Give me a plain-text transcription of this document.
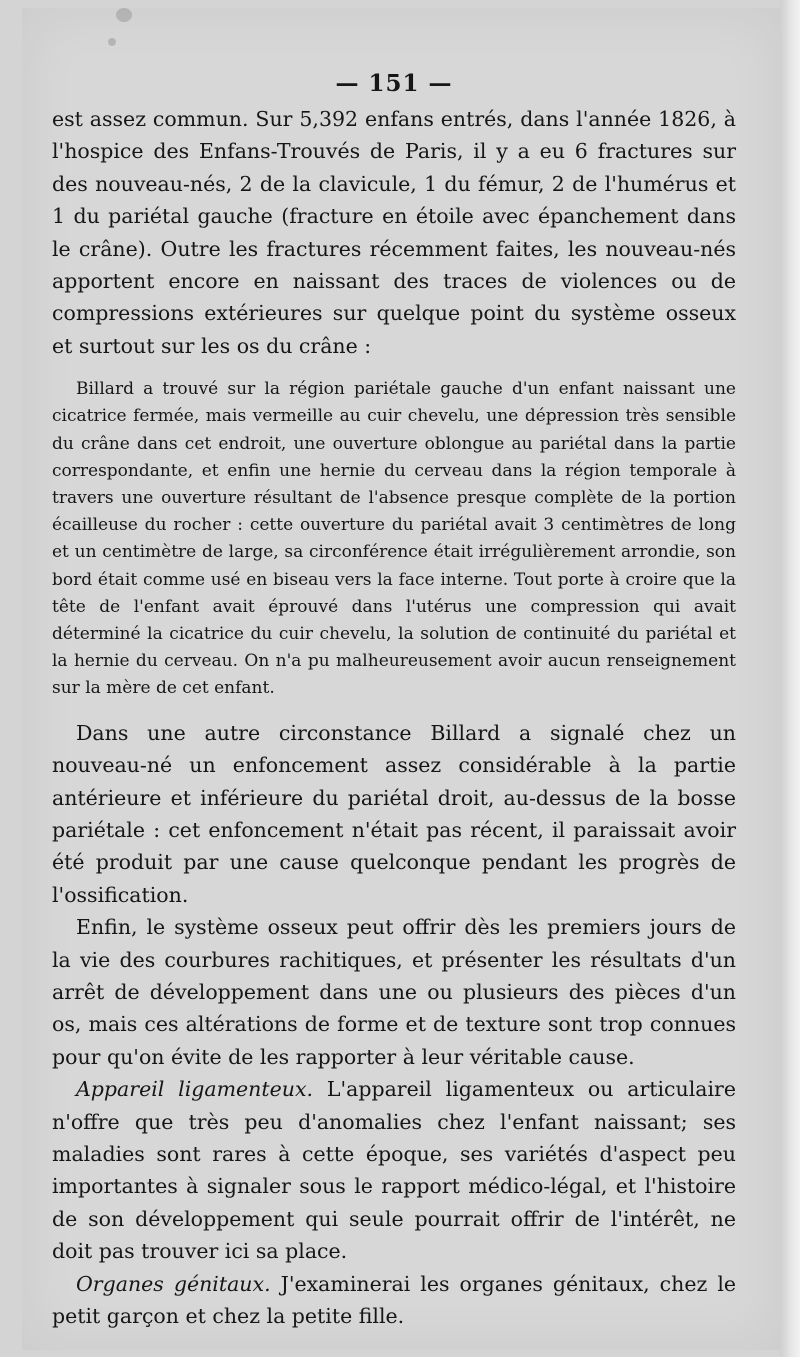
— 151 —

est assez commun. Sur 5,392 enfans entrés, dans l'année 1826, à l'hospice des Enfans-Trouvés de Paris, il y a eu 6 fractures sur des nouveau-nés, 2 de la clavicule, 1 du fémur, 2 de l'humérus et 1 du pariétal gauche (fracture en étoile avec épanchement dans le crâne). Outre les fractures récemment faites, les nouveau-nés apportent encore en naissant des traces de violences ou de compressions extérieures sur quelque point du système osseux et surtout sur les os du crâne :

Billard a trouvé sur la région pariétale gauche d'un enfant naissant une cicatrice fermée, mais vermeille au cuir chevelu, une dépression très sensible du crâne dans cet endroit, une ouverture oblongue au pariétal dans la partie correspondante, et enfin une hernie du cerveau dans la région temporale à travers une ouverture résultant de l'absence presque complète de la portion écailleuse du rocher : cette ouverture du pariétal avait 3 centimètres de long et un centimètre de large, sa circonférence était irrégulièrement arrondie, son bord était comme usé en biseau vers la face interne. Tout porte à croire que la tête de l'enfant avait éprouvé dans l'utérus une compression qui avait déterminé la cicatrice du cuir chevelu, la solution de continuité du pariétal et la hernie du cerveau. On n'a pu malheureusement avoir aucun renseignement sur la mère de cet enfant.

Dans une autre circonstance Billard a signalé chez un nouveau-né un enfoncement assez considérable à la partie antérieure et inférieure du pariétal droit, au-dessus de la bosse pariétale : cet enfoncement n'était pas récent, il paraissait avoir été produit par une cause quelconque pendant les progrès de l'ossification.

Enfin, le système osseux peut offrir dès les premiers jours de la vie des courbures rachitiques, et présenter les résultats d'un arrêt de développement dans une ou plusieurs des pièces d'un os, mais ces altérations de forme et de texture sont trop connues pour qu'on évite de les rapporter à leur véritable cause.

Appareil ligamenteux. L'appareil ligamenteux ou articulaire n'offre que très peu d'anomalies chez l'enfant naissant; ses maladies sont rares à cette époque, ses variétés d'aspect peu importantes à signaler sous le rapport médico-légal, et l'histoire de son développement qui seule pourrait offrir de l'intérêt, ne doit pas trouver ici sa place.

Organes génitaux. J'examinerai les organes génitaux, chez le petit garçon et chez la petite fille.
